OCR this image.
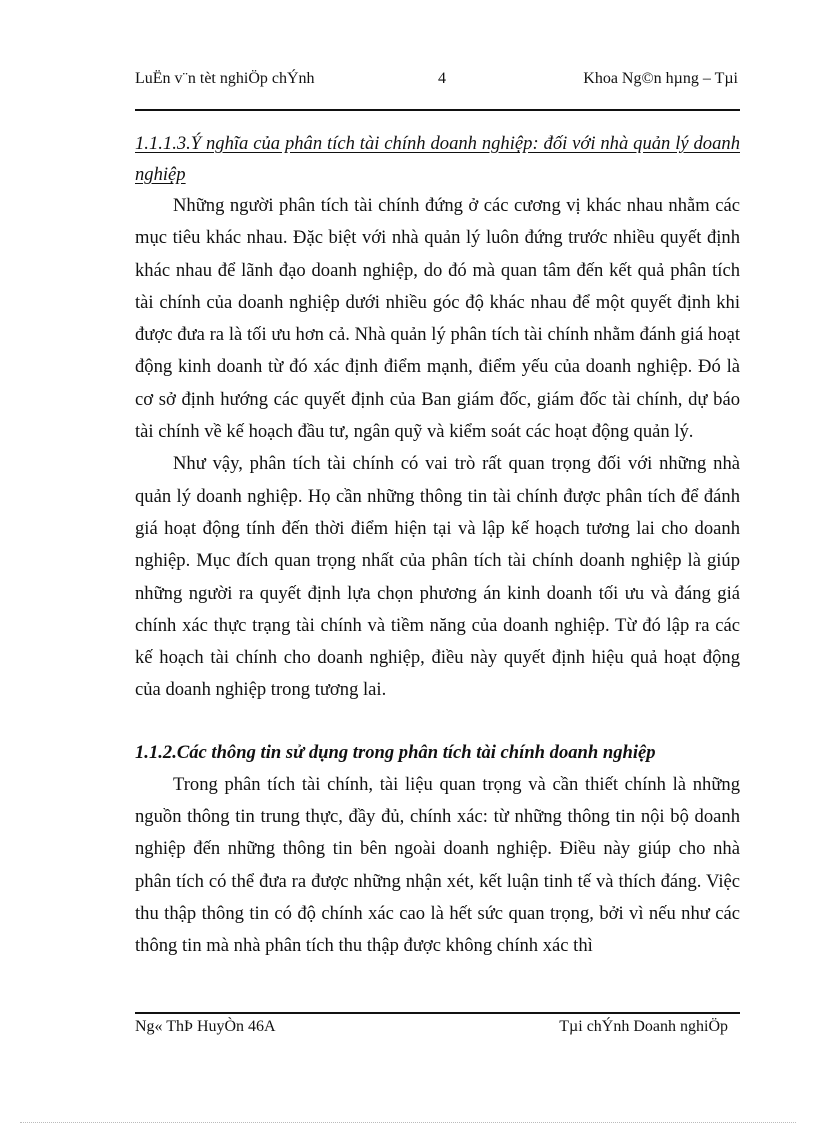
LuËn v¨n tèt nghiÖp chÝnh	4	Khoa Ng©n hµng – Tµi
1.1.1.3.Ý nghĩa của phân tích tài chính doanh nghiệp: đối với nhà quản lý doanh nghiệp

Những người phân tích tài chính đứng ở các cương vị khác nhau nhằm các mục tiêu khác nhau. Đặc biệt với nhà quản lý luôn đứng trước nhiều quyết định khác nhau để lãnh đạo doanh nghiệp, do đó mà quan tâm đến kết quả phân tích tài chính của doanh nghiệp dưới nhiều góc độ khác nhau để một quyết định khi được đưa ra là tối ưu hơn cả. Nhà quản lý phân tích tài chính nhằm đánh giá hoạt động kinh doanh từ đó xác định điểm mạnh, điểm yếu của doanh nghiệp. Đó là cơ sở định hướng các quyết định của Ban giám đốc, giám đốc tài chính, dự báo tài chính về kế hoạch đầu tư, ngân quỹ và kiểm soát các hoạt động quản lý.

Như vậy, phân tích tài chính có vai trò rất quan trọng đối với những nhà quản lý doanh nghiệp. Họ cần những thông tin tài chính được phân tích để đánh giá hoạt động tính đến thời điểm hiện tại và lập kế hoạch tương lai cho doanh nghiệp. Mục đích quan trọng nhất của phân tích tài chính doanh nghiệp là giúp những người ra quyết định lựa chọn phương án kinh doanh tối ưu và đáng giá chính xác thực trạng tài chính và tiềm năng của doanh nghiệp. Từ đó lập ra các kế hoạch tài chính cho doanh nghiệp, điều này quyết định hiệu quả hoạt động của doanh nghiệp trong tương lai.

1.1.2.Các thông tin sử dụng trong phân tích tài chính doanh nghiệp

Trong phân tích tài chính, tài liệu quan trọng và cần thiết chính là những nguồn thông tin trung thực, đầy đủ, chính xác: từ những thông tin nội bộ doanh nghiệp đến những thông tin bên ngoài doanh nghiệp. Điều này giúp cho nhà phân tích có thể đưa ra được những nhận xét, kết luận tinh tế và thích đáng. Việc thu thập thông tin có độ chính xác cao là hết sức quan trọng, bởi vì nếu như các thông tin mà nhà phân tích thu thập được không chính xác thì

Ng« ThÞ HuyÒn 46A	Tµi chÝnh Doanh nghiÖp
